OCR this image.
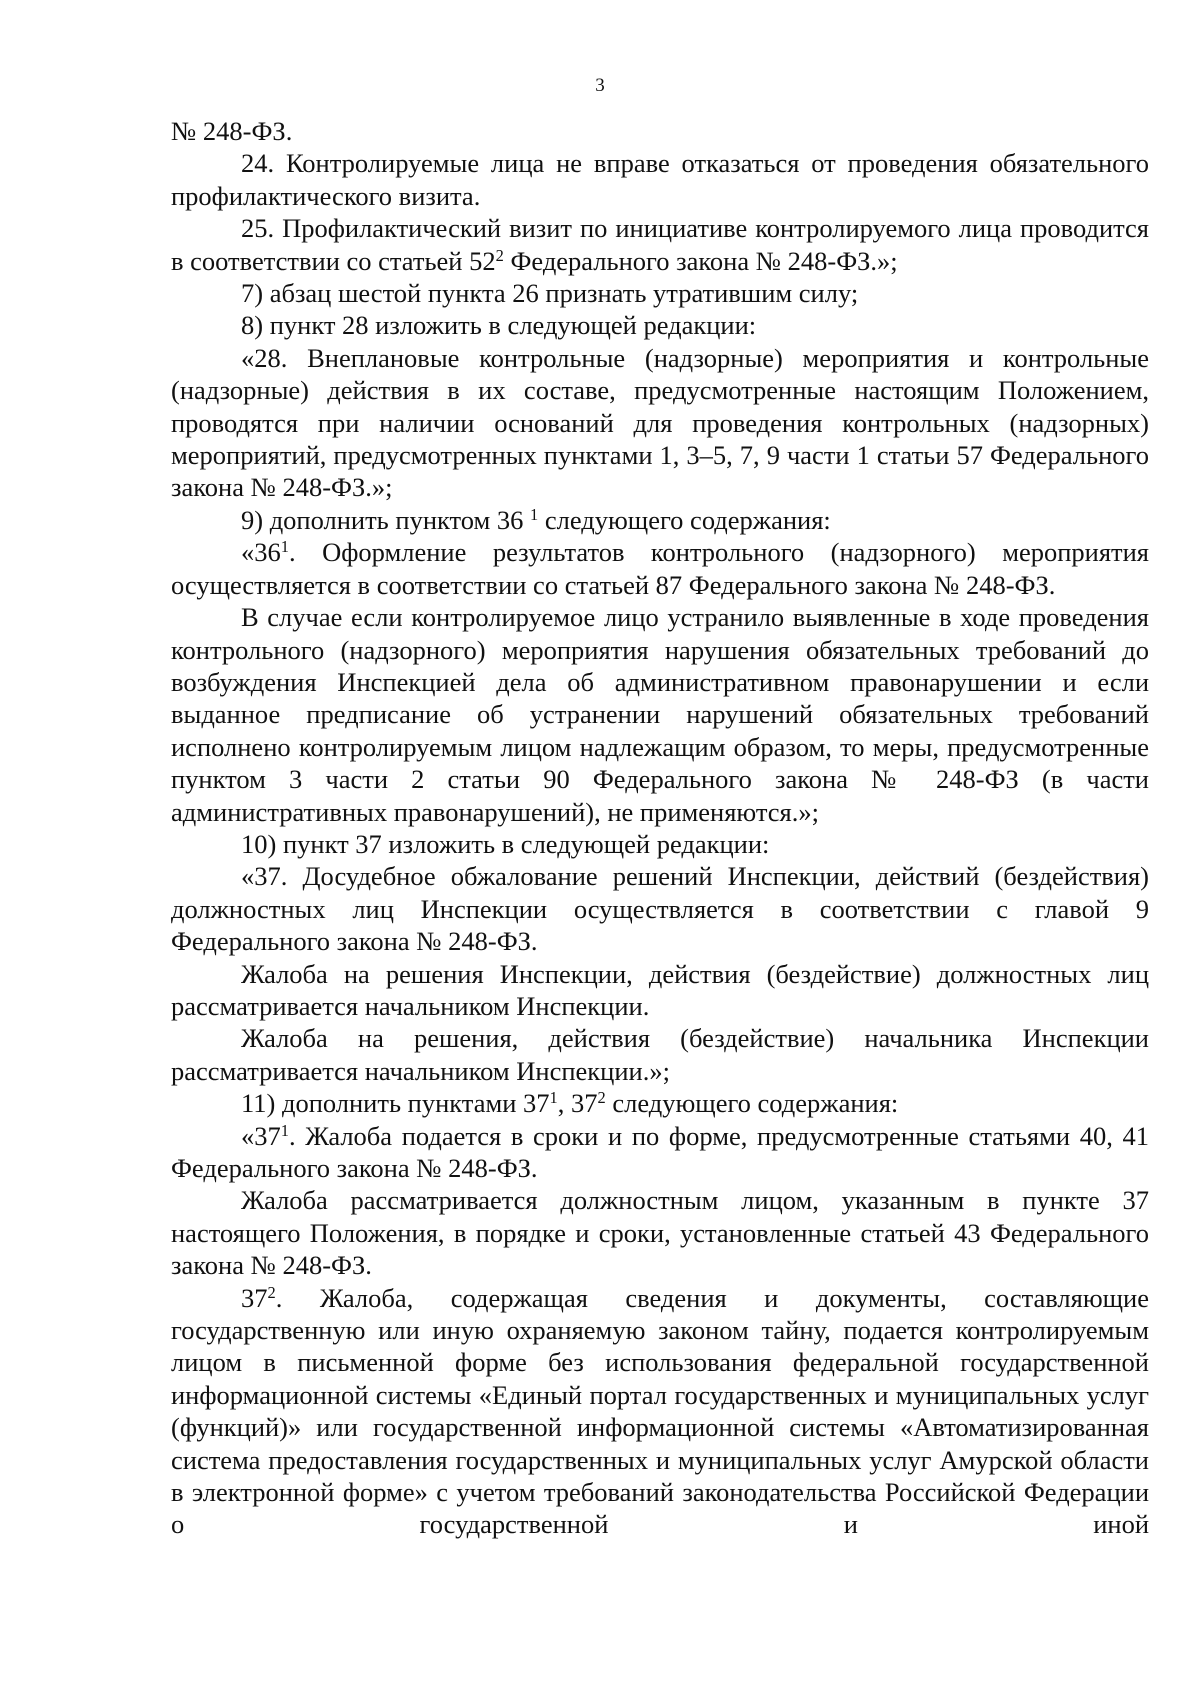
3

№ 248-ФЗ.

24. Контролируемые лица не вправе отказаться от проведения обязательного профилактического визита.

25. Профилактический визит по инициативе контролируемого лица проводится в соответствии со статьей $52^2$ Федерального закона № 248-ФЗ.»;

7) абзац шестой пункта 26 признать утратившим силу;

8) пункт 28 изложить в следующей редакции:

«28. Внеплановые контрольные (надзорные) мероприятия и контрольные (надзорные) действия в их составе, предусмотренные настоящим Положением, проводятся при наличии оснований для проведения контрольных (надзорных) мероприятий, предусмотренных пунктами 1, 3–5, 7, 9 части 1 статьи 57 Федерального закона № 248-ФЗ.»;

9) дополнить пунктом 36 $^1$ следующего содержания:

«$36^1$. Оформление результатов контрольного (надзорного) мероприятия осуществляется в соответствии со статьей 87 Федерального закона № 248-ФЗ.

В случае если контролируемое лицо устранило выявленные в ходе проведения контрольного (надзорного) мероприятия нарушения обязательных требований до возбуждения Инспекцией дела об административном правонарушении и если выданное предписание об устранении нарушений обязательных требований исполнено контролируемым лицом надлежащим образом, то меры, предусмотренные пунктом 3 части 2 статьи 90 Федерального закона № 248-ФЗ (в части административных правонарушений), не применяются.»;

10) пункт 37 изложить в следующей редакции:

«37. Досудебное обжалование решений Инспекции, действий (бездействия) должностных лиц Инспекции осуществляется в соответствии с главой 9 Федерального закона № 248-ФЗ.

Жалоба на решения Инспекции, действия (бездействие) должностных лиц рассматривается начальником Инспекции.

Жалоба на решения, действия (бездействие) начальника Инспекции рассматривается начальником Инспекции.»;

11) дополнить пунктами $37^1$, $37^2$ следующего содержания:

«$37^1$. Жалоба подается в сроки и по форме, предусмотренные статьями 40, 41 Федерального закона № 248-ФЗ.

Жалоба рассматривается должностным лицом, указанным в пункте 37 настоящего Положения, в порядке и сроки, установленные статьей 43 Федерального закона № 248-ФЗ.

$37^2$. Жалоба, содержащая сведения и документы, составляющие государственную или иную охраняемую законом тайну, подается контролируемым лицом в письменной форме без использования федеральной государственной информационной системы «Единый портал государственных и муниципальных услуг (функций)» или государственной информационной системы «Автоматизированная система предоставления государственных и муниципальных услуг Амурской области в электронной форме» с учетом требований законодательства Российской Федерации о государственной и иной
